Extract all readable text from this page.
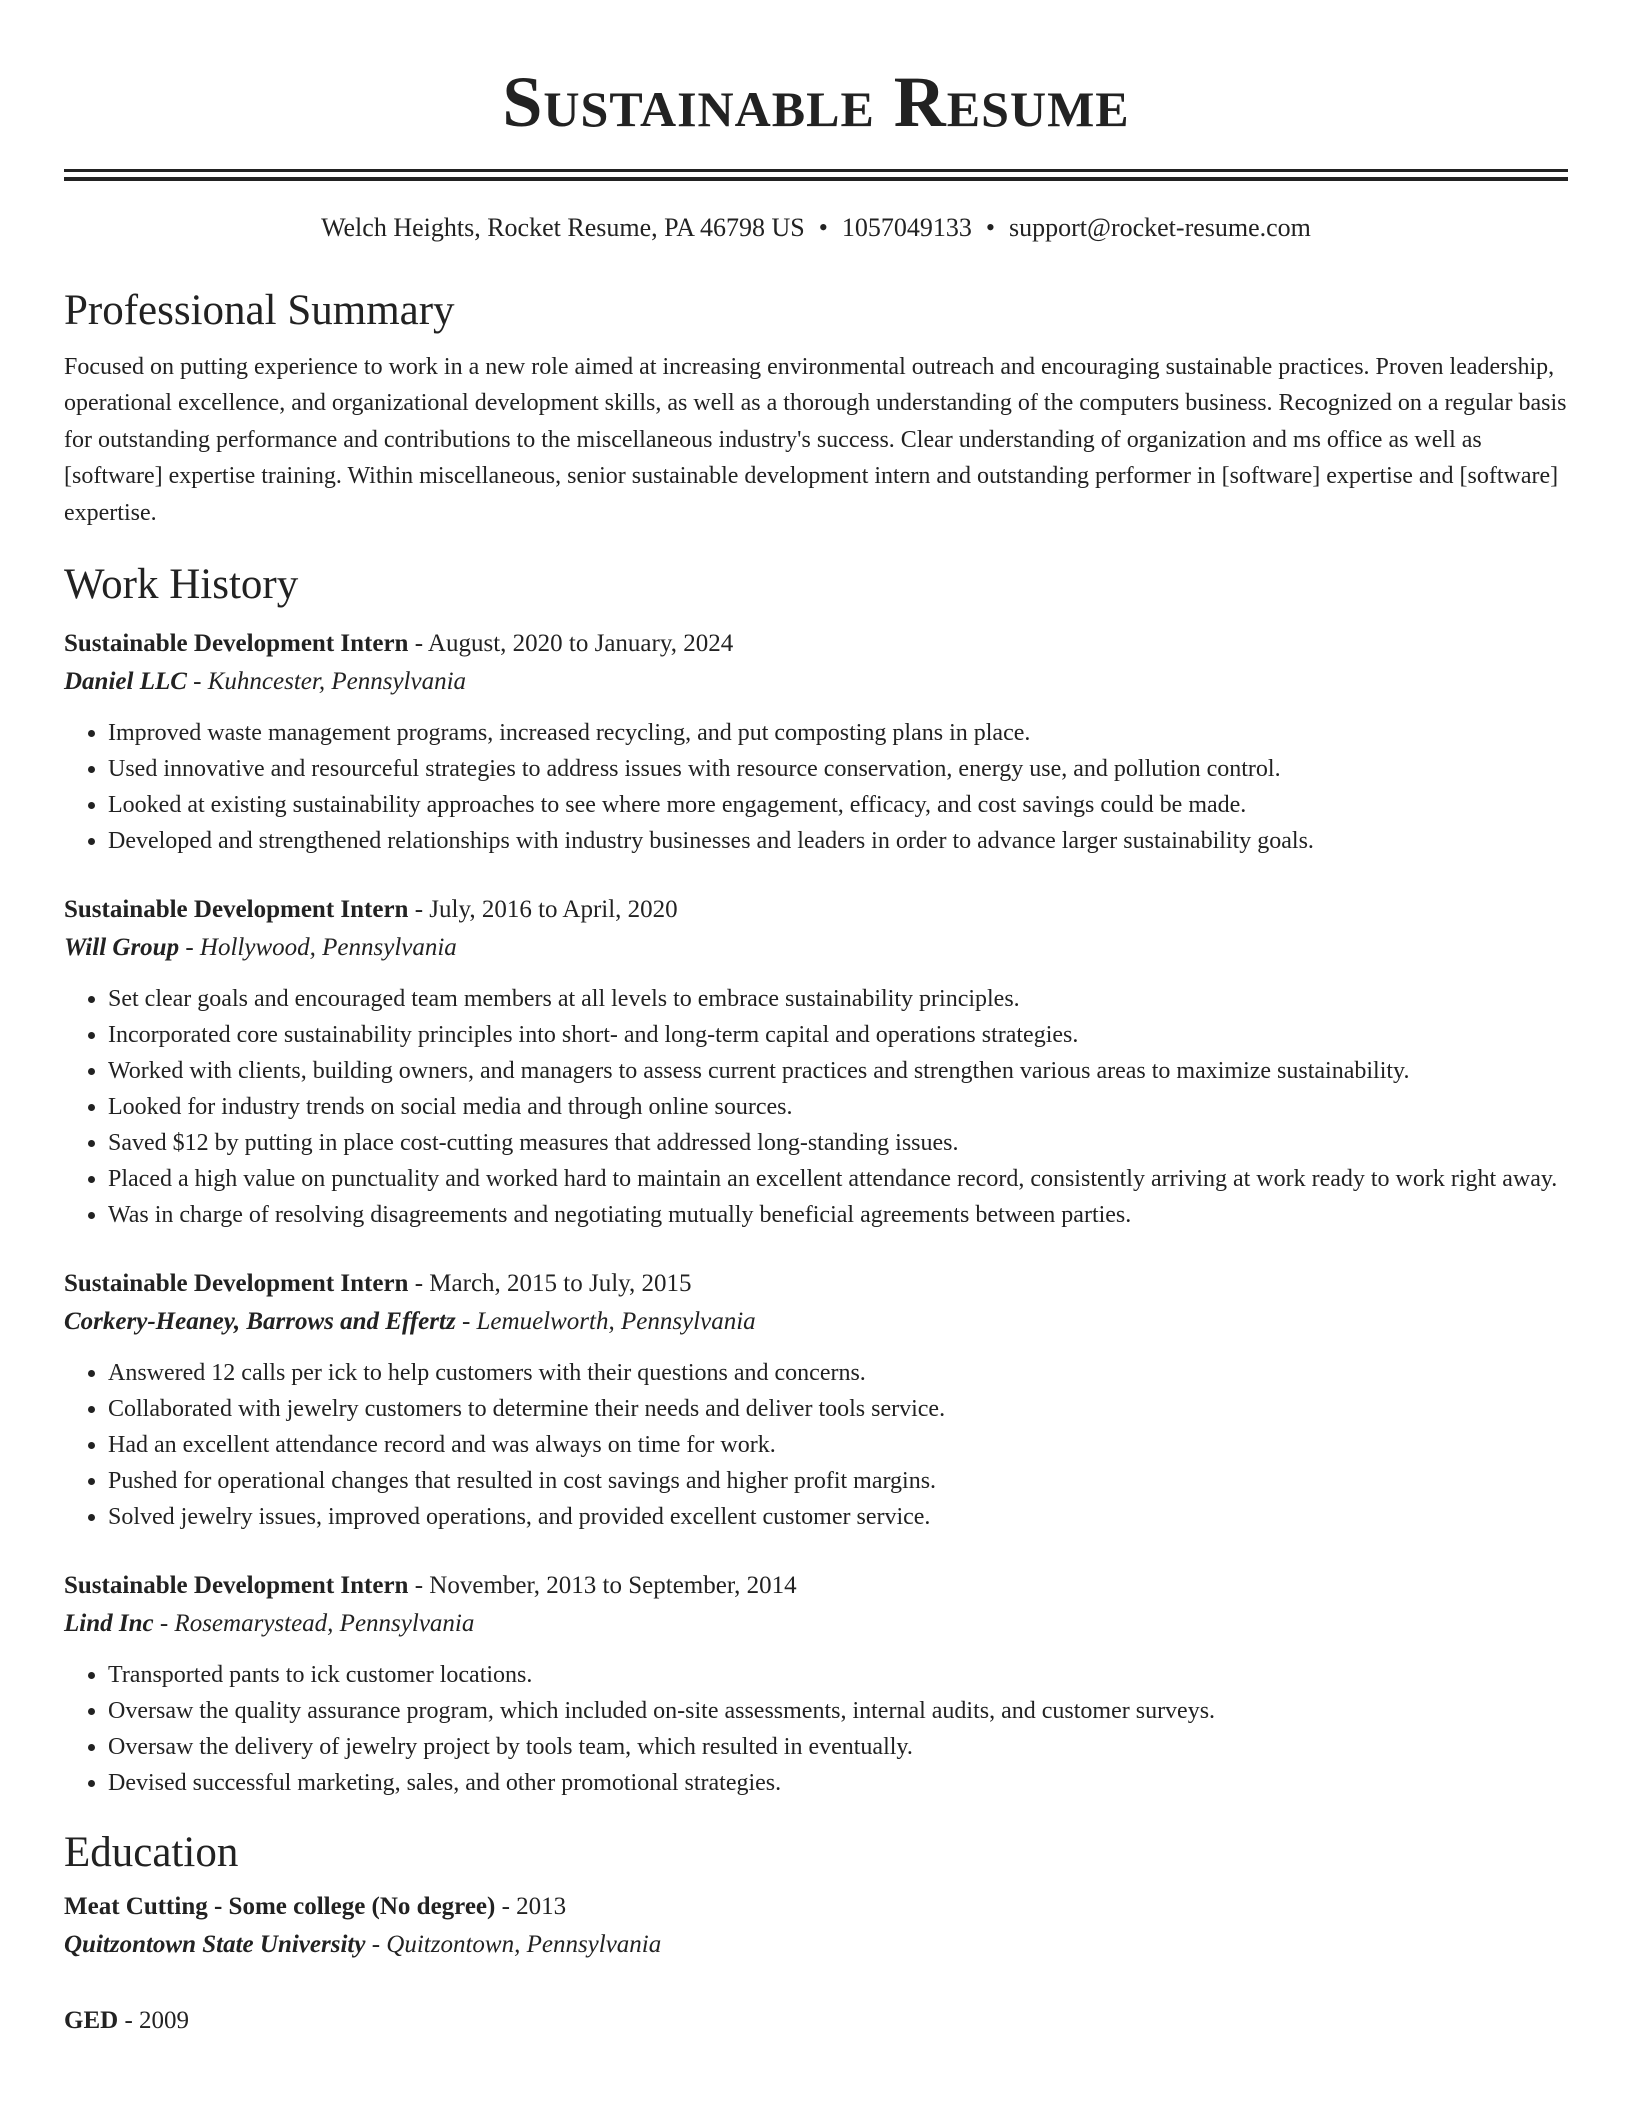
Sustainable Resume
Welch Heights, Rocket Resume, PA 46798 US • 1057049133 • support@rocket-resume.com
Professional Summary

Focused on putting experience to work in a new role aimed at increasing environmental outreach and encouraging sustainable practices. Proven leadership, operational excellence, and organizational development skills, as well as a thorough understanding of the computers business. Recognized on a regular basis for outstanding performance and contributions to the miscellaneous industry's success. Clear understanding of organization and ms office as well as [software] expertise training. Within miscellaneous, senior sustainable development intern and outstanding performer in [software] expertise and [software] expertise.

Work History

Sustainable Development Intern - August, 2020 to January, 2024

Daniel LLC - Kuhncester, Pennsylvania

• Improved waste management programs, increased recycling, and put composting plans in place.
• Used innovative and resourceful strategies to address issues with resource conservation, energy use, and pollution control.
• Looked at existing sustainability approaches to see where more engagement, efficacy, and cost savings could be made.
• Developed and strengthened relationships with industry businesses and leaders in order to advance larger sustainability goals.

Sustainable Development Intern - July, 2016 to April, 2020

Will Group - Hollywood, Pennsylvania

• Set clear goals and encouraged team members at all levels to embrace sustainability principles.
• Incorporated core sustainability principles into short- and long-term capital and operations strategies.
• Worked with clients, building owners, and managers to assess current practices and strengthen various areas to maximize sustainability.
• Looked for industry trends on social media and through online sources.
• Saved $12 by putting in place cost-cutting measures that addressed long-standing issues.
• Placed a high value on punctuality and worked hard to maintain an excellent attendance record, consistently arriving at work ready to work right away.
• Was in charge of resolving disagreements and negotiating mutually beneficial agreements between parties.

Sustainable Development Intern - March, 2015 to July, 2015

Corkery-Heaney, Barrows and Effertz - Lemuelworth, Pennsylvania

• Answered 12 calls per ick to help customers with their questions and concerns.
• Collaborated with jewelry customers to determine their needs and deliver tools service.
• Had an excellent attendance record and was always on time for work.
• Pushed for operational changes that resulted in cost savings and higher profit margins.
• Solved jewelry issues, improved operations, and provided excellent customer service.

Sustainable Development Intern - November, 2013 to September, 2014

Lind Inc - Rosemarystead, Pennsylvania

• Transported pants to ick customer locations.
• Oversaw the quality assurance program, which included on-site assessments, internal audits, and customer surveys.
• Oversaw the delivery of jewelry project by tools team, which resulted in eventually.
• Devised successful marketing, sales, and other promotional strategies.
Education

Meat Cutting - Some college (No degree) - 2013

Quitzontown State University - Quitzontown, Pennsylvania

GED - 2009
